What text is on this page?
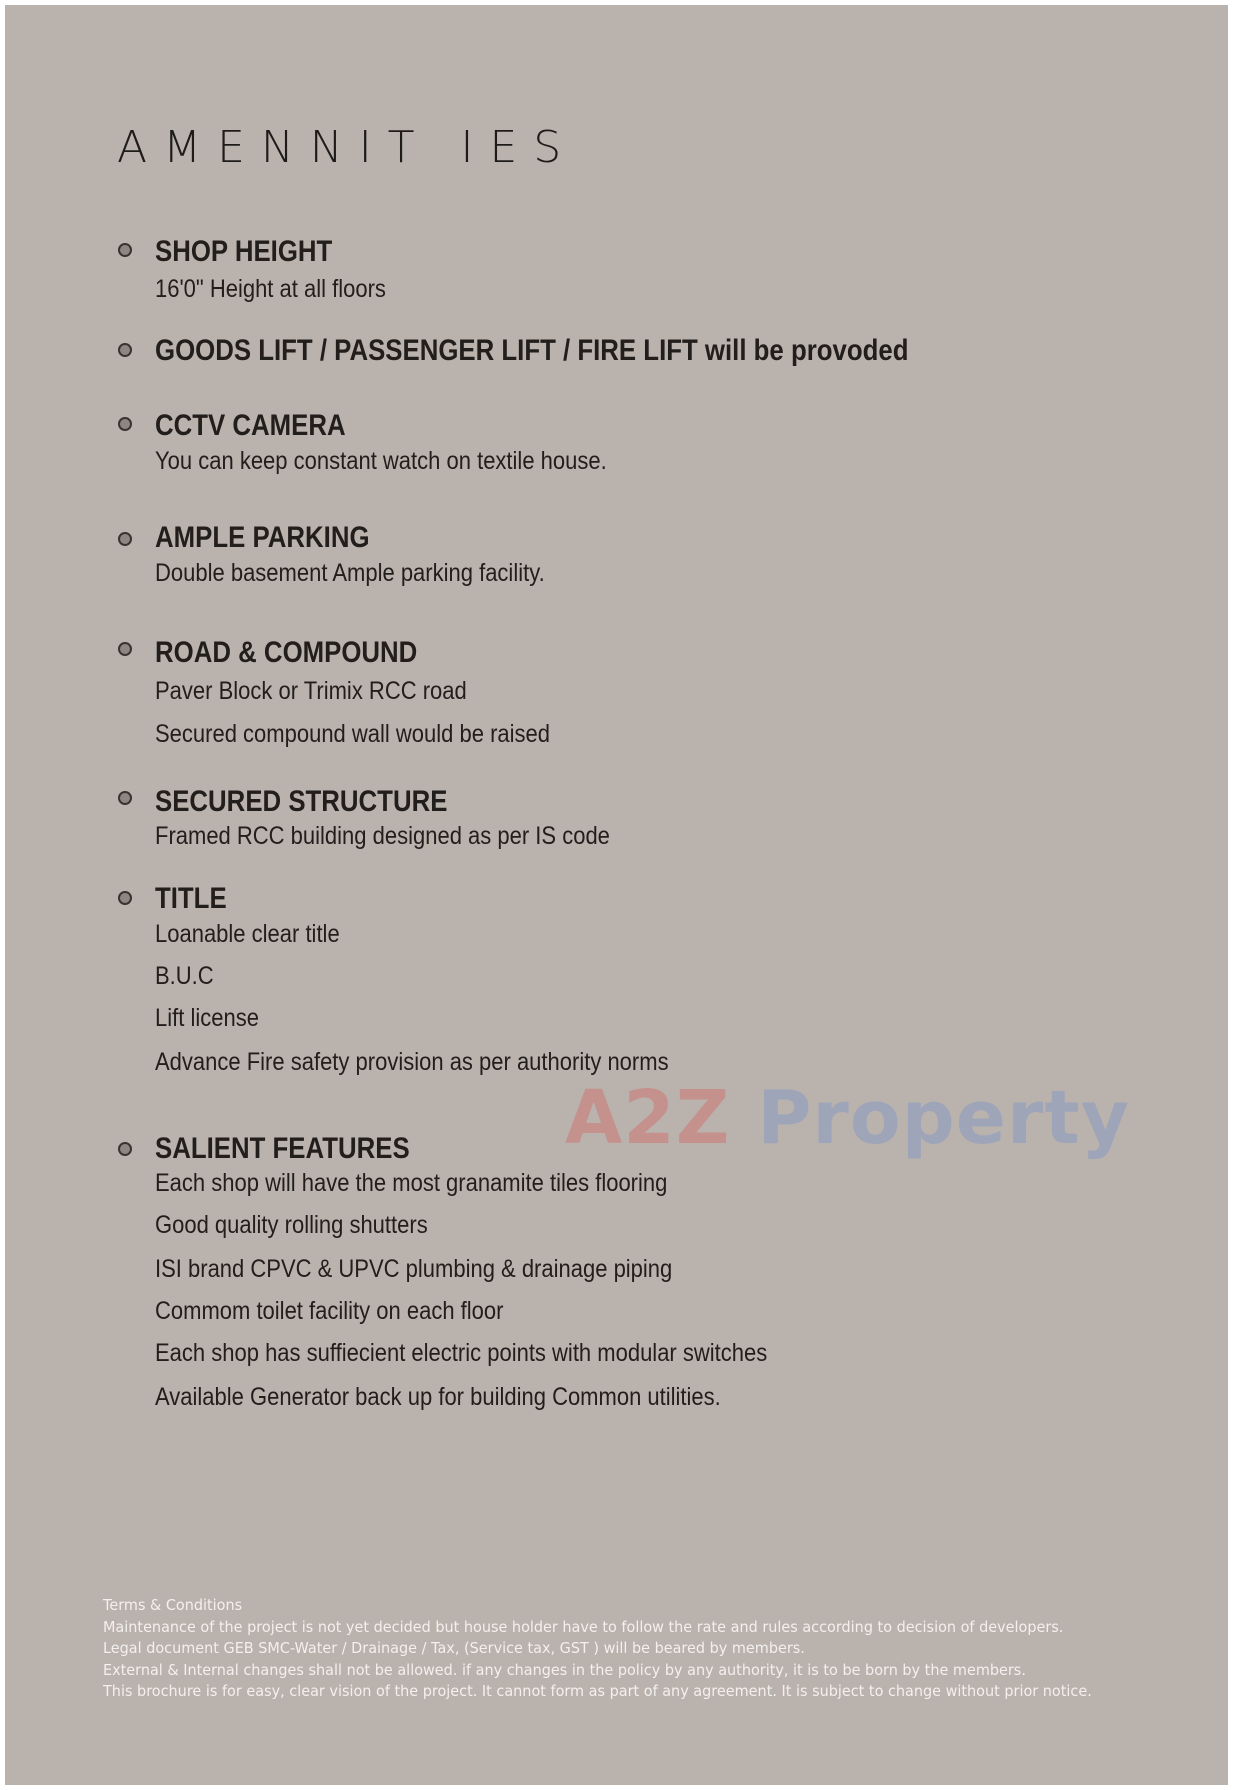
AMENNIT IES
A2Z Property
SHOP HEIGHT
16'0" Height at all floors
GOODS LIFT / PASSENGER LIFT / FIRE LIFT will be provoded
CCTV CAMERA
You can keep constant watch on textile house.
AMPLE PARKING
Double basement Ample parking facility.
ROAD & COMPOUND
Paver Block or Trimix RCC road
Secured compound wall would be raised
SECURED STRUCTURE
Framed RCC building designed as per IS code
TITLE
Loanable clear title
B.U.C
Lift license
Advance Fire safety provision as per authority norms
SALIENT FEATURES
Each shop will have the most granamite tiles flooring
Good quality rolling shutters
ISI brand CPVC & UPVC plumbing & drainage piping
Commom toilet facility on each floor
Each shop has suffiecient electric points with modular switches
Available Generator back up for building Common utilities.
Terms & Conditions
Maintenance of the project is not yet decided but house holder have to follow the rate and rules according to decision of developers.
Legal document GEB SMC-Water / Drainage / Tax, (Service tax, GST ) will be beared by members.
External & Internal changes shall not be allowed. if any changes in the policy by any authority, it is to be born by the members.
This brochure is for easy, clear vision of the project. It cannot form as part of any agreement. It is subject to change without prior notice.
